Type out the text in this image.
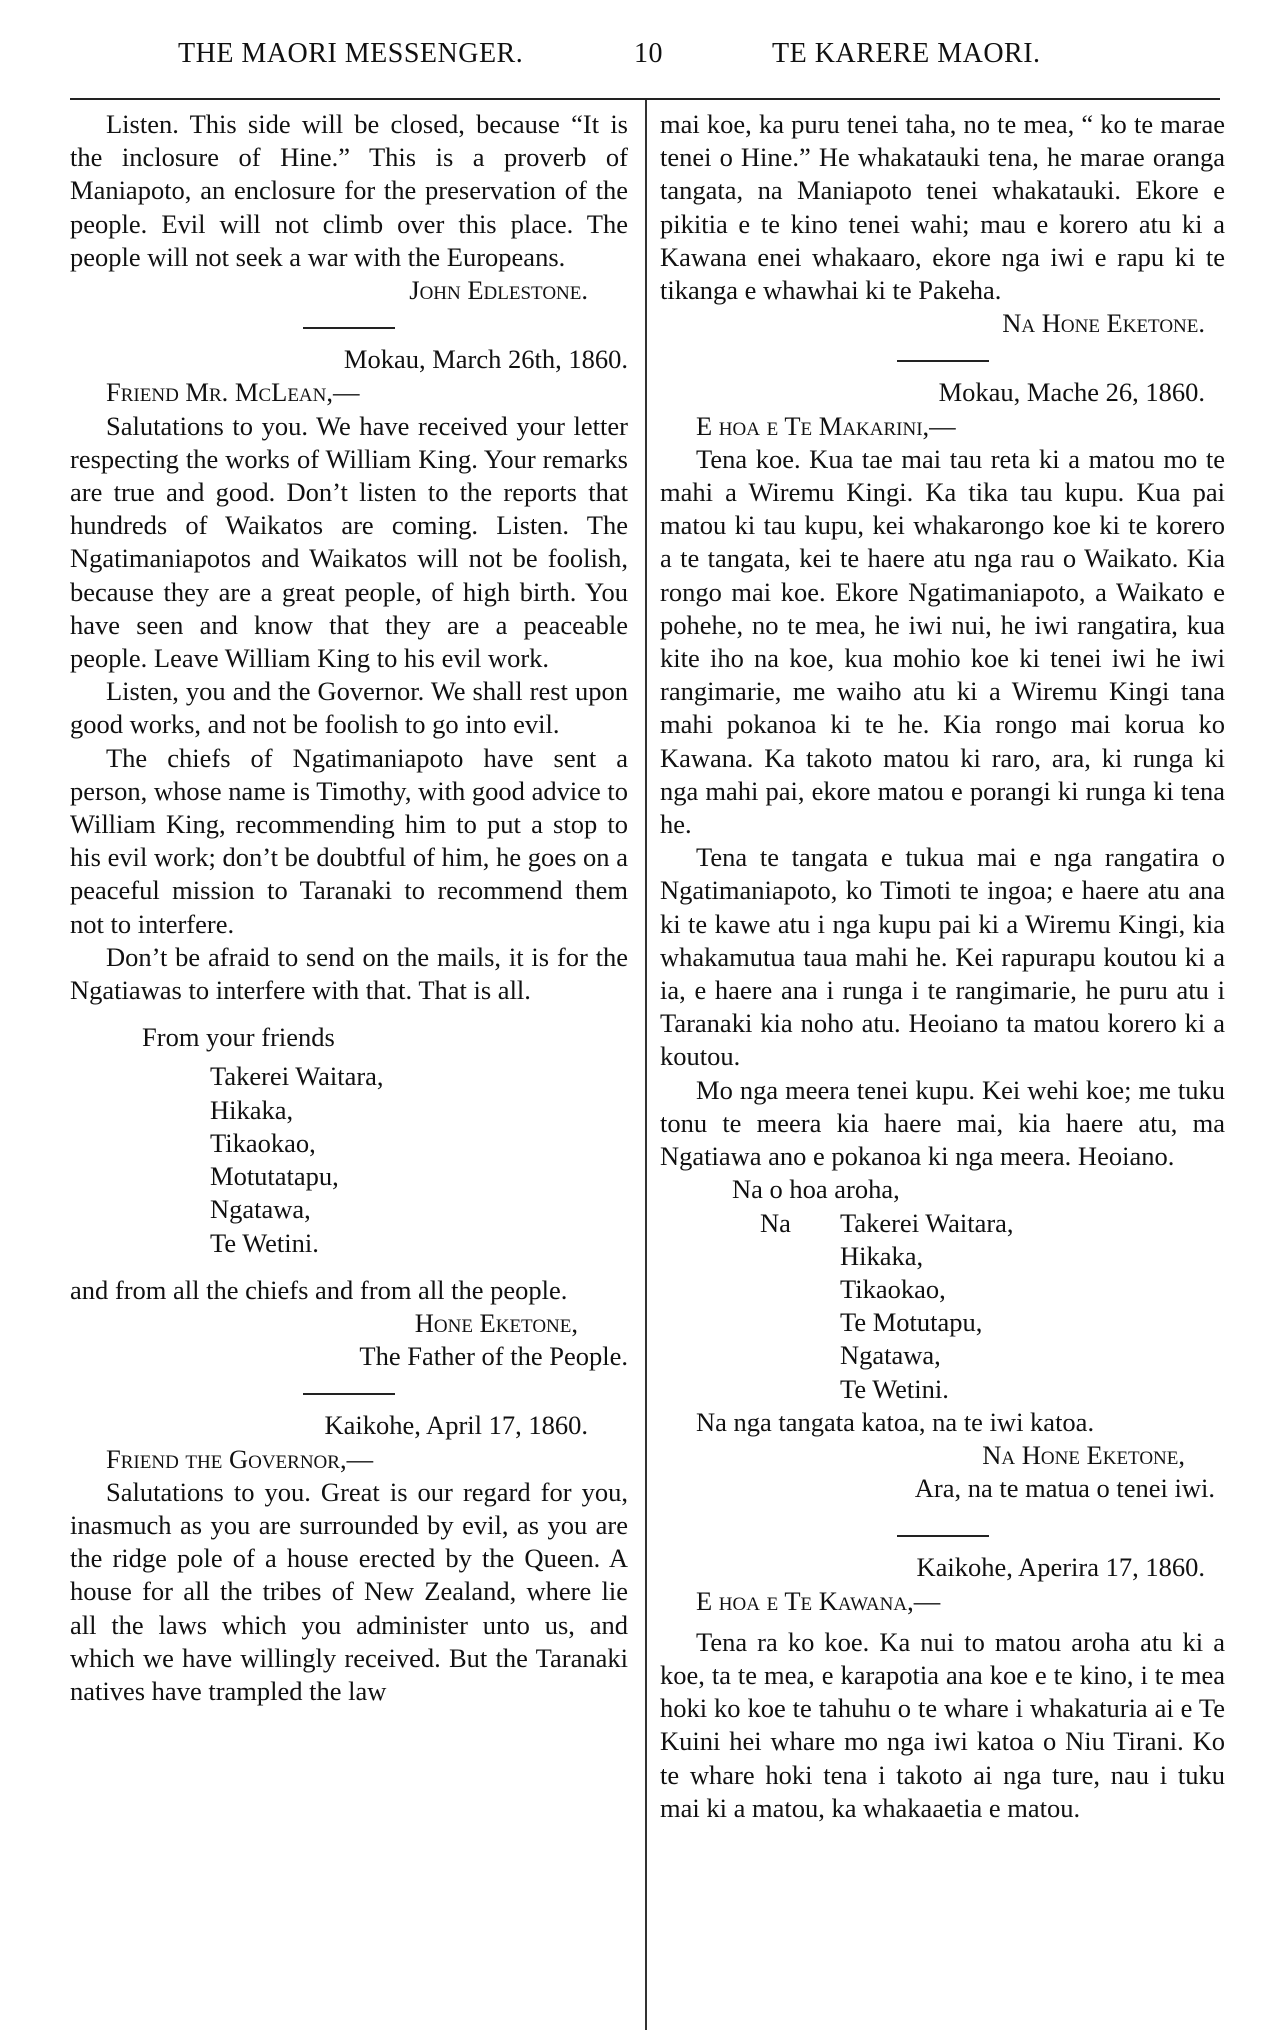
THE MAORI MESSENGER.	10	TE KARERE MAORI.

Listen. This side will be closed, because “It is the inclosure of Hine.” This is a proverb of Maniapoto, an enclosure for the preservation of the people. Evil will not climb over this place. The people will not seek a war with the Europeans.

John Edlestone.

Mokau, March 26th, 1860.

Friend Mr. McLean,—

Salutations to you. We have received your letter respecting the works of William King. Your remarks are true and good. Don’t listen to the reports that hundreds of Waikatos are coming. Listen. The Ngatimaniapotos and Waikatos will not be foolish, because they are a great people, of high birth. You have seen and know that they are a peaceable people. Leave William King to his evil work.

Listen, you and the Governor. We shall rest upon good works, and not be foolish to go into evil.

The chiefs of Ngatimaniapoto have sent a person, whose name is Timothy, with good advice to William King, recommending him to put a stop to his evil work; don’t be doubtful of him, he goes on a peaceful mission to Taranaki to recommend them not to interfere.

Don’t be afraid to send on the mails, it is for the Ngatiawas to interfere with that. That is all.

From your friends

Takerei Waitara,
Hikaka,
Tikaokao,
Motutatapu,
Ngatawa,
Te Wetini.

and from all the chiefs and from all the people.

Hone Eketone,

The Father of the People.

Kaikohe, April 17, 1860.

Friend the Governor,—

Salutations to you. Great is our regard for you, inasmuch as you are surrounded by evil, as you are the ridge pole of a house erected by the Queen. A house for all the tribes of New Zealand, where lie all the laws which you administer unto us, and which we have willingly received. But the Taranaki natives have trampled the law

mai koe, ka puru tenei taha, no te mea, “ ko te marae tenei o Hine.” He whakatauki tena, he marae oranga tangata, na Maniapoto tenei whakatauki. Ekore e pikitia e te kino tenei wahi; mau e korero atu ki a Kawana enei whakaaro, ekore nga iwi e rapu ki te tikanga e whawhai ki te Pakeha.

Na Hone Eketone.

Mokau, Mache 26, 1860.

E hoa e Te Makarini,—

Tena koe. Kua tae mai tau reta ki a matou mo te mahi a Wiremu Kingi. Ka tika tau kupu. Kua pai matou ki tau kupu, kei whakarongo koe ki te korero a te tangata, kei te haere atu nga rau o Waikato. Kia rongo mai koe. Ekore Ngatimaniapoto, a Waikato e pohehe, no te mea, he iwi nui, he iwi rangatira, kua kite iho na koe, kua mohio koe ki tenei iwi he iwi rangimarie, me waiho atu ki a Wiremu Kingi tana mahi pokanoa ki te he. Kia rongo mai korua ko Kawana. Ka takoto matou ki raro, ara, ki runga ki nga mahi pai, ekore matou e porangi ki runga ki tena he.

Tena te tangata e tukua mai e nga rangatira o Ngatimaniapoto, ko Timoti te ingoa; e haere atu ana ki te kawe atu i nga kupu pai ki a Wiremu Kingi, kia whakamutua taua mahi he. Kei rapurapu koutou ki a ia, e haere ana i runga i te rangimarie, he puru atu i Taranaki kia noho atu. Heoiano ta matou korero ki a koutou.

Mo nga meera tenei kupu. Kei wehi koe; me tuku tonu te meera kia haere mai, kia haere atu, ma Ngatiawa ano e pokanoa ki nga meera. Heoiano.

Na o hoa aroha,

Na Takerei Waitara,
Hikaka,
Tikaokao,
Te Motutapu,
Ngatawa,
Te Wetini.

Na nga tangata katoa, na te iwi katoa.

Na Hone Eketone,

Ara, na te matua o tenei iwi.

Kaikohe, Aperira 17, 1860.

E hoa e Te Kawana,—

Tena ra ko koe. Ka nui to matou aroha atu ki a koe, ta te mea, e karapotia ana koe e te kino, i te mea hoki ko koe te tahuhu o te whare i whakaturia ai e Te Kuini hei whare mo nga iwi katoa o Niu Tirani. Ko te whare hoki tena i takoto ai nga ture, nau i tuku mai ki a matou, ka whakaaetia e matou.
